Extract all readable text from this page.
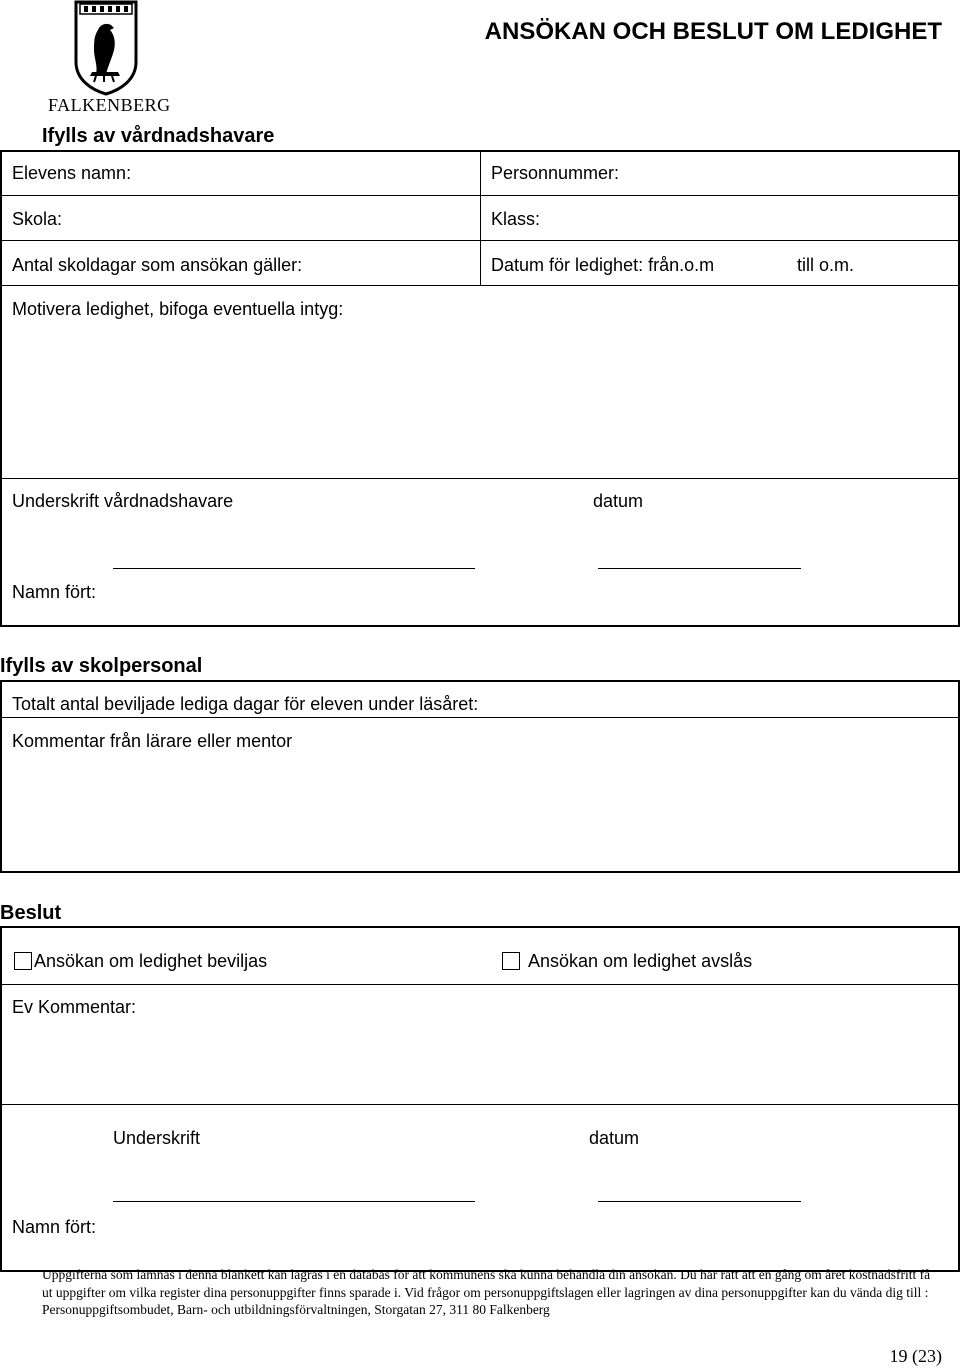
FALKENBERG
ANSÖKAN OCH BESLUT OM LEDIGHET
Ifylls av vårdnadshavare
Elevens namn:	Personnummer:
Skola:	Klass:
Antal skoldagar som ansökan gäller:	Datum för ledighet: från.o.m	till o.m.
Motivera ledighet, bifoga eventuella intyg:
Underskrift vårdnadshavare	datum
Namn fört:
Ifylls av skolpersonal
Totalt antal beviljade lediga dagar för eleven under läsåret:
Kommentar från lärare eller mentor
Beslut
Ansökan om ledighet beviljas	Ansökan om ledighet avslås
Ev Kommentar:
Underskrift	datum
Namn fört:
Uppgifterna som lämnas i denna blankett kan lagras i en databas för att kommunens ska kunna behandla din ansökan. Du har rätt att en gång om året kostnadsfritt få ut uppgifter om vilka register dina personuppgifter finns sparade i. Vid frågor om personuppgiftslagen eller lagringen av dina personuppgifter kan du vända dig till : Personuppgiftsombudet, Barn- och utbildningsförvaltningen, Storgatan 27, 311 80 Falkenberg
19 (23)
